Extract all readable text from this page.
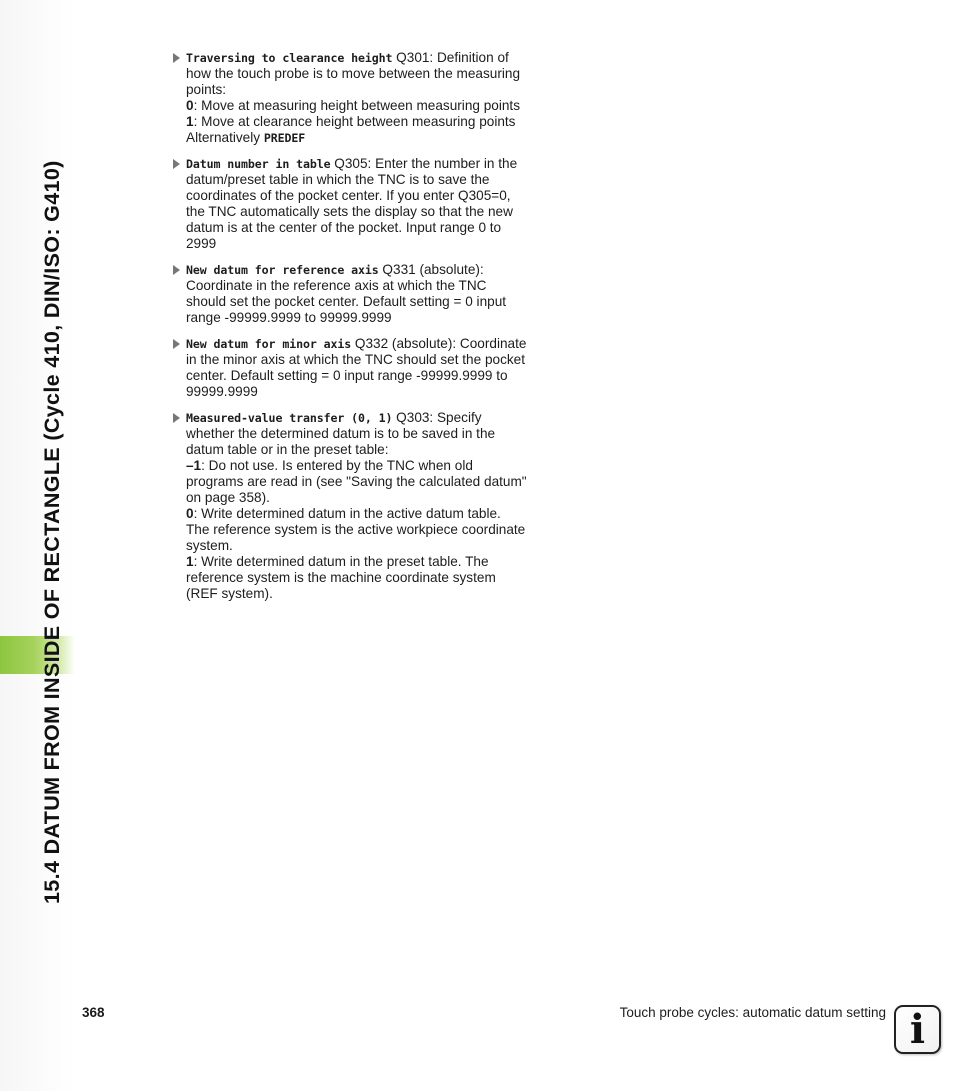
15.4 DATUM FROM INSIDE OF RECTANGLE (Cycle 410, DIN/ISO: G410)
Traversing to clearance height Q301: Definition of how the touch probe is to move between the measuring points:
0: Move at measuring height between measuring points
1: Move at clearance height between measuring points
Alternatively PREDEF
Datum number in table Q305: Enter the number in the datum/preset table in which the TNC is to save the coordinates of the pocket center. If you enter Q305=0, the TNC automatically sets the display so that the new datum is at the center of the pocket. Input range 0 to 2999
New datum for reference axis Q331 (absolute): Coordinate in the reference axis at which the TNC should set the pocket center. Default setting = 0 input range -99999.9999 to 99999.9999
New datum for minor axis Q332 (absolute): Coordinate in the minor axis at which the TNC should set the pocket center. Default setting = 0 input range -99999.9999 to 99999.9999
Measured-value transfer (0, 1) Q303: Specify whether the determined datum is to be saved in the datum table or in the preset table:
–1: Do not use. Is entered by the TNC when old programs are read in (see "Saving the calculated datum" on page 358).
0: Write determined datum in the active datum table. The reference system is the active workpiece coordinate system.
1: Write determined datum in the preset table. The reference system is the machine coordinate system (REF system).
368	Touch probe cycles: automatic datum setting i
